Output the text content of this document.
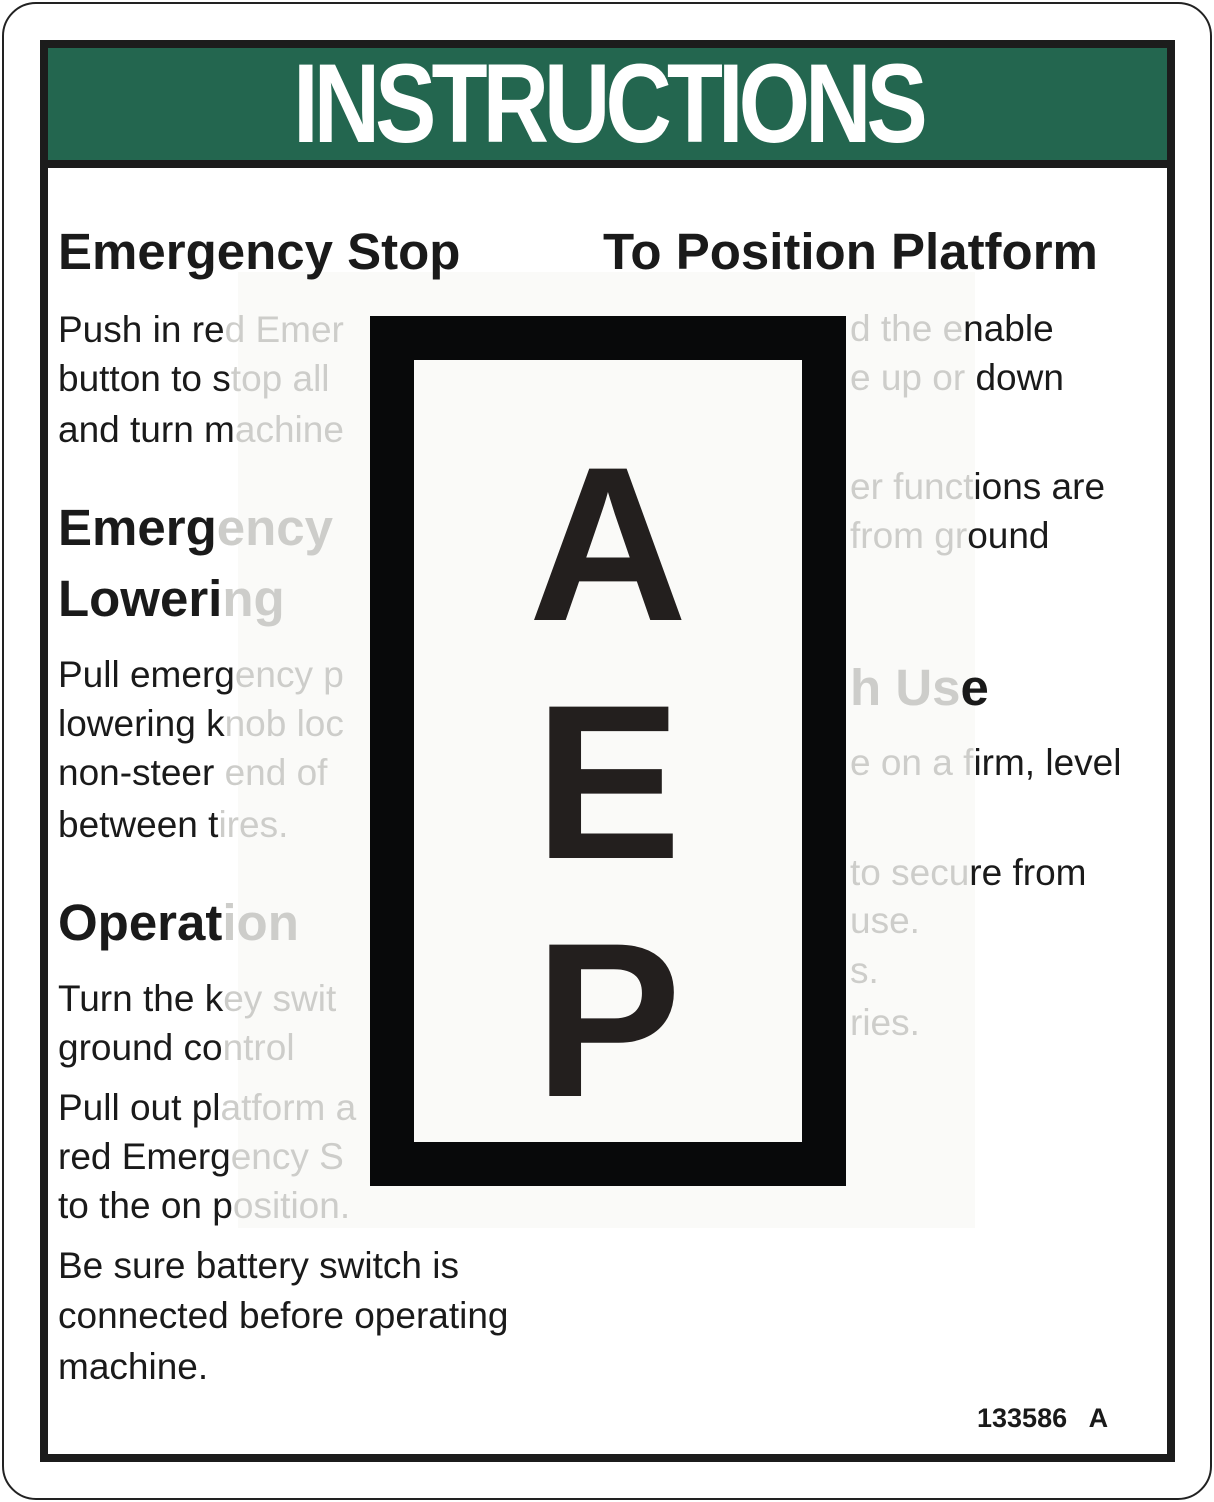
INSTRUCTIONS
Emergency Stop
Push in red Emer
button to stop all
and turn machine
Emergency
Lowering
Pull emergency p
lowering knob loc
non-steer end of
between tires.
Operation
Turn the key swit
ground control
Pull out platform a
red Emergency S
to the on position.
Be sure battery switch is
connected before operating
machine.
To Position Platform
d the enable
e up or down
er functions are
from ground
h Use
e on a firm, level
to secure from
use.
s.
ries.
A
E
P
133586 A
